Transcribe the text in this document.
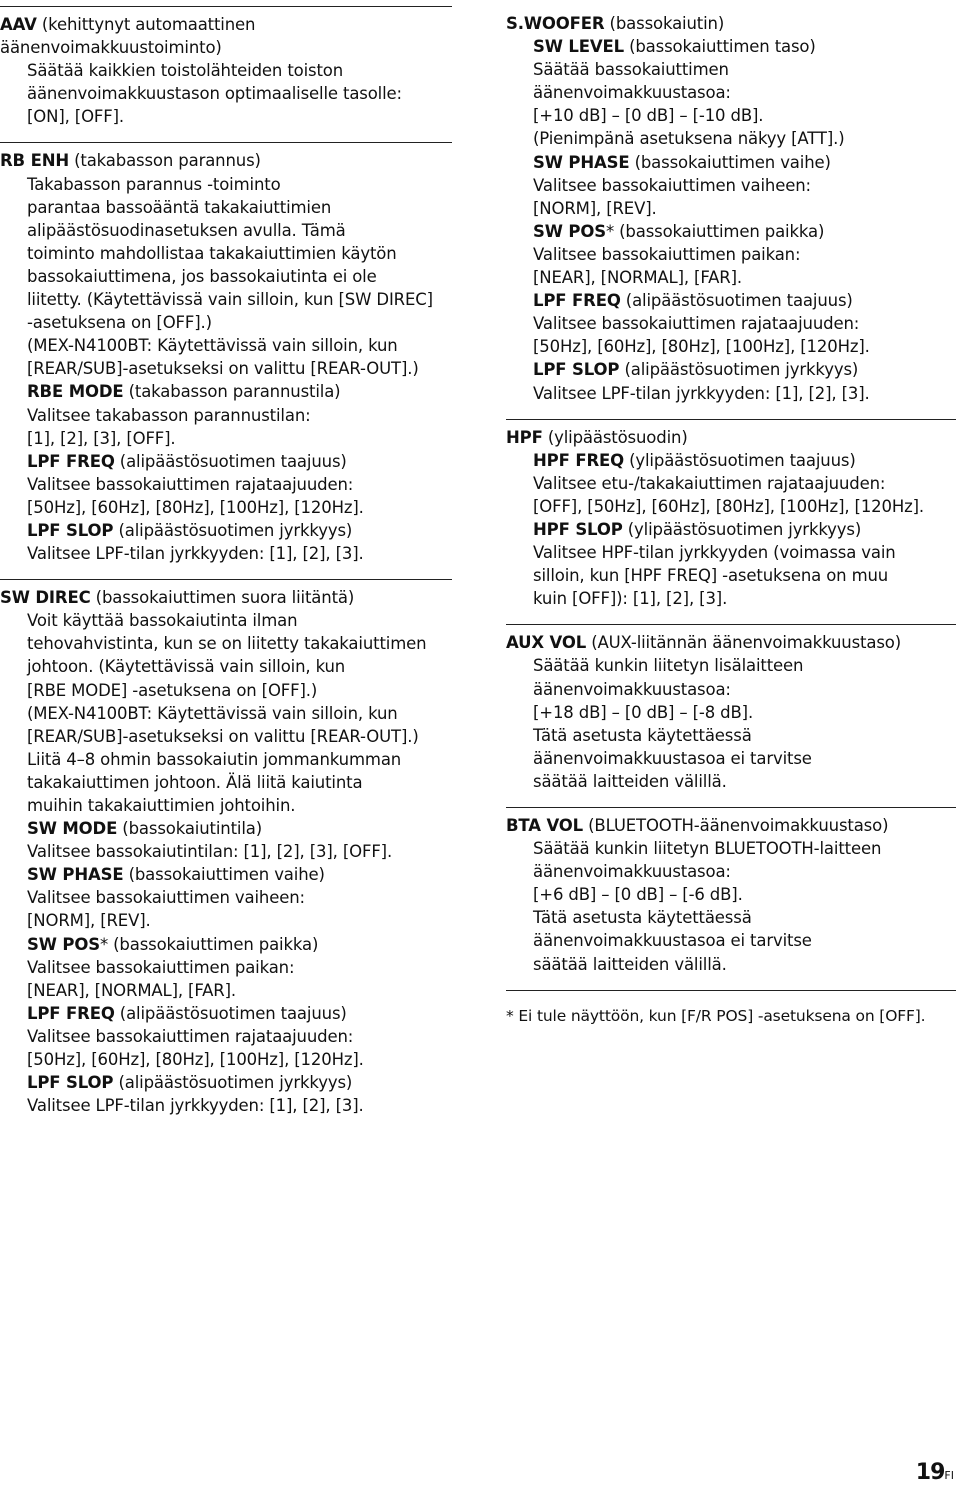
AAV (kehittynyt automaattinen
äänenvoimakkuustoiminto)
Säätää kaikkien toistolähteiden toiston
äänenvoimakkuustason optimaaliselle tasolle:
[ON], [OFF].
RB ENH (takabasson parannus)
Takabasson parannus -toiminto
parantaa bassoääntä takakaiuttimien
alipäästösuodinasetuksen avulla. Tämä
toiminto mahdollistaa takakaiuttimien käytön
bassokaiuttimena, jos bassokaiutinta ei ole
liitetty. (Käytettävissä vain silloin, kun [SW DIREC]
-asetuksena on [OFF].)
(MEX-N4100BT: Käytettävissä vain silloin, kun
[REAR/SUB]-asetukseksi on valittu [REAR-OUT].)
RBE MODE (takabasson parannustila)
Valitsee takabasson parannustilan:
[1], [2], [3], [OFF].
LPF FREQ (alipäästösuotimen taajuus)
Valitsee bassokaiuttimen rajataajuuden:
[50Hz], [60Hz], [80Hz], [100Hz], [120Hz].
LPF SLOP (alipäästösuotimen jyrkkyys)
Valitsee LPF-tilan jyrkkyyden: [1], [2], [3].
SW DIREC (bassokaiuttimen suora liitäntä)
Voit käyttää bassokaiutinta ilman
tehovahvistinta, kun se on liitetty takakaiuttimen
johtoon. (Käytettävissä vain silloin, kun
[RBE MODE] -asetuksena on [OFF].)
(MEX-N4100BT: Käytettävissä vain silloin, kun
[REAR/SUB]-asetukseksi on valittu [REAR-OUT].)
Liitä 4–8 ohmin bassokaiutin jommankumman
takakaiuttimen johtoon. Älä liitä kaiutinta
muihin takakaiuttimien johtoihin.
SW MODE (bassokaiutintila)
Valitsee bassokaiutintilan: [1], [2], [3], [OFF].
SW PHASE (bassokaiuttimen vaihe)
Valitsee bassokaiuttimen vaiheen:
[NORM], [REV].
SW POS* (bassokaiuttimen paikka)
Valitsee bassokaiuttimen paikan:
[NEAR], [NORMAL], [FAR].
LPF FREQ (alipäästösuotimen taajuus)
Valitsee bassokaiuttimen rajataajuuden:
[50Hz], [60Hz], [80Hz], [100Hz], [120Hz].
LPF SLOP (alipäästösuotimen jyrkkyys)
Valitsee LPF-tilan jyrkkyyden: [1], [2], [3].
S.WOOFER (bassokaiutin)
SW LEVEL (bassokaiuttimen taso)
Säätää bassokaiuttimen
äänenvoimakkuustasoa:
[+10 dB] – [0 dB] – [-10 dB].
(Pienimpänä asetuksena näkyy [ATT].)
SW PHASE (bassokaiuttimen vaihe)
Valitsee bassokaiuttimen vaiheen:
[NORM], [REV].
SW POS* (bassokaiuttimen paikka)
Valitsee bassokaiuttimen paikan:
[NEAR], [NORMAL], [FAR].
LPF FREQ (alipäästösuotimen taajuus)
Valitsee bassokaiuttimen rajataajuuden:
[50Hz], [60Hz], [80Hz], [100Hz], [120Hz].
LPF SLOP (alipäästösuotimen jyrkkyys)
Valitsee LPF-tilan jyrkkyyden: [1], [2], [3].
HPF (ylipäästösuodin)
HPF FREQ (ylipäästösuotimen taajuus)
Valitsee etu-/takakaiuttimen rajataajuuden:
[OFF], [50Hz], [60Hz], [80Hz], [100Hz], [120Hz].
HPF SLOP (ylipäästösuotimen jyrkkyys)
Valitsee HPF-tilan jyrkkyyden (voimassa vain
silloin, kun [HPF FREQ] -asetuksena on muu
kuin [OFF]): [1], [2], [3].
AUX VOL (AUX-liitännän äänenvoimakkuustaso)
Säätää kunkin liitetyn lisälaitteen
äänenvoimakkuustasoa:
[+18 dB] – [0 dB] – [-8 dB].
Tätä asetusta käytettäessä
äänenvoimakkuustasoa ei tarvitse
säätää laitteiden välillä.
BTA VOL (BLUETOOTH-äänenvoimakkuustaso)
Säätää kunkin liitetyn BLUETOOTH-laitteen
äänenvoimakkuustasoa:
[+6 dB] – [0 dB] – [-6 dB].
Tätä asetusta käytettäessä
äänenvoimakkuustasoa ei tarvitse
säätää laitteiden välillä.
* Ei tule näyttöön, kun [F/R POS] -asetuksena on [OFF].
19FI
